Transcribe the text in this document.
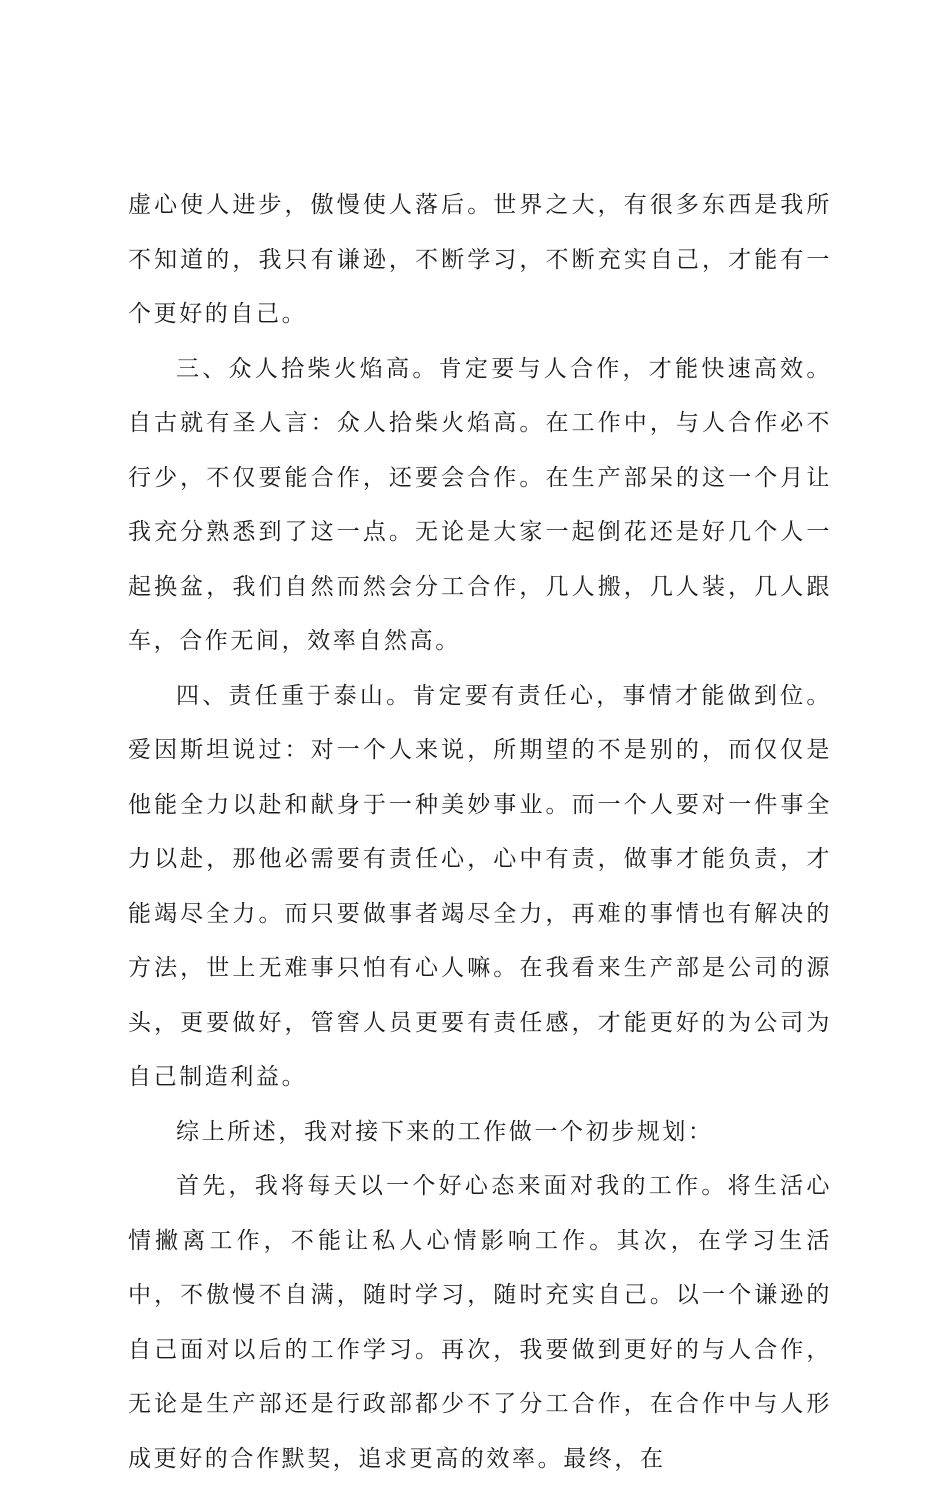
虚心使人进步，傲慢使人落后。世界之大，有很多东西是我所不知道的，我只有谦逊，不断学习，不断充实自己，才能有一个更好的自己。

三、众人拾柴火焰高。肯定要与人合作，才能快速高效。自古就有圣人言：众人拾柴火焰高。在工作中，与人合作必不行少，不仅要能合作，还要会合作。在生产部呆的这一个月让我充分熟悉到了这一点。无论是大家一起倒花还是好几个人一起换盆，我们自然而然会分工合作，几人搬，几人装，几人跟车，合作无间，效率自然高。

四、责任重于泰山。肯定要有责任心，事情才能做到位。爱因斯坦说过：对一个人来说，所期望的不是别的，而仅仅是他能全力以赴和献身于一种美妙事业。而一个人要对一件事全力以赴，那他必需要有责任心，心中有责，做事才能负责，才能竭尽全力。而只要做事者竭尽全力，再难的事情也有解决的方法，世上无难事只怕有心人嘛。在我看来生产部是公司的源头，更要做好，管窖人员更要有责任感，才能更好的为公司为自己制造利益。

综上所述，我对接下来的工作做一个初步规划：

首先，我将每天以一个好心态来面对我的工作。将生活心情撇离工作，不能让私人心情影响工作。其次，在学习生活中，不傲慢不自满，随时学习，随时充实自己。以一个谦逊的自己面对以后的工作学习。再次，我要做到更好的与人合作，无论是生产部还是行政部都少不了分工合作，在合作中与人形成更好的合作默契，追求更高的效率。最终，在
